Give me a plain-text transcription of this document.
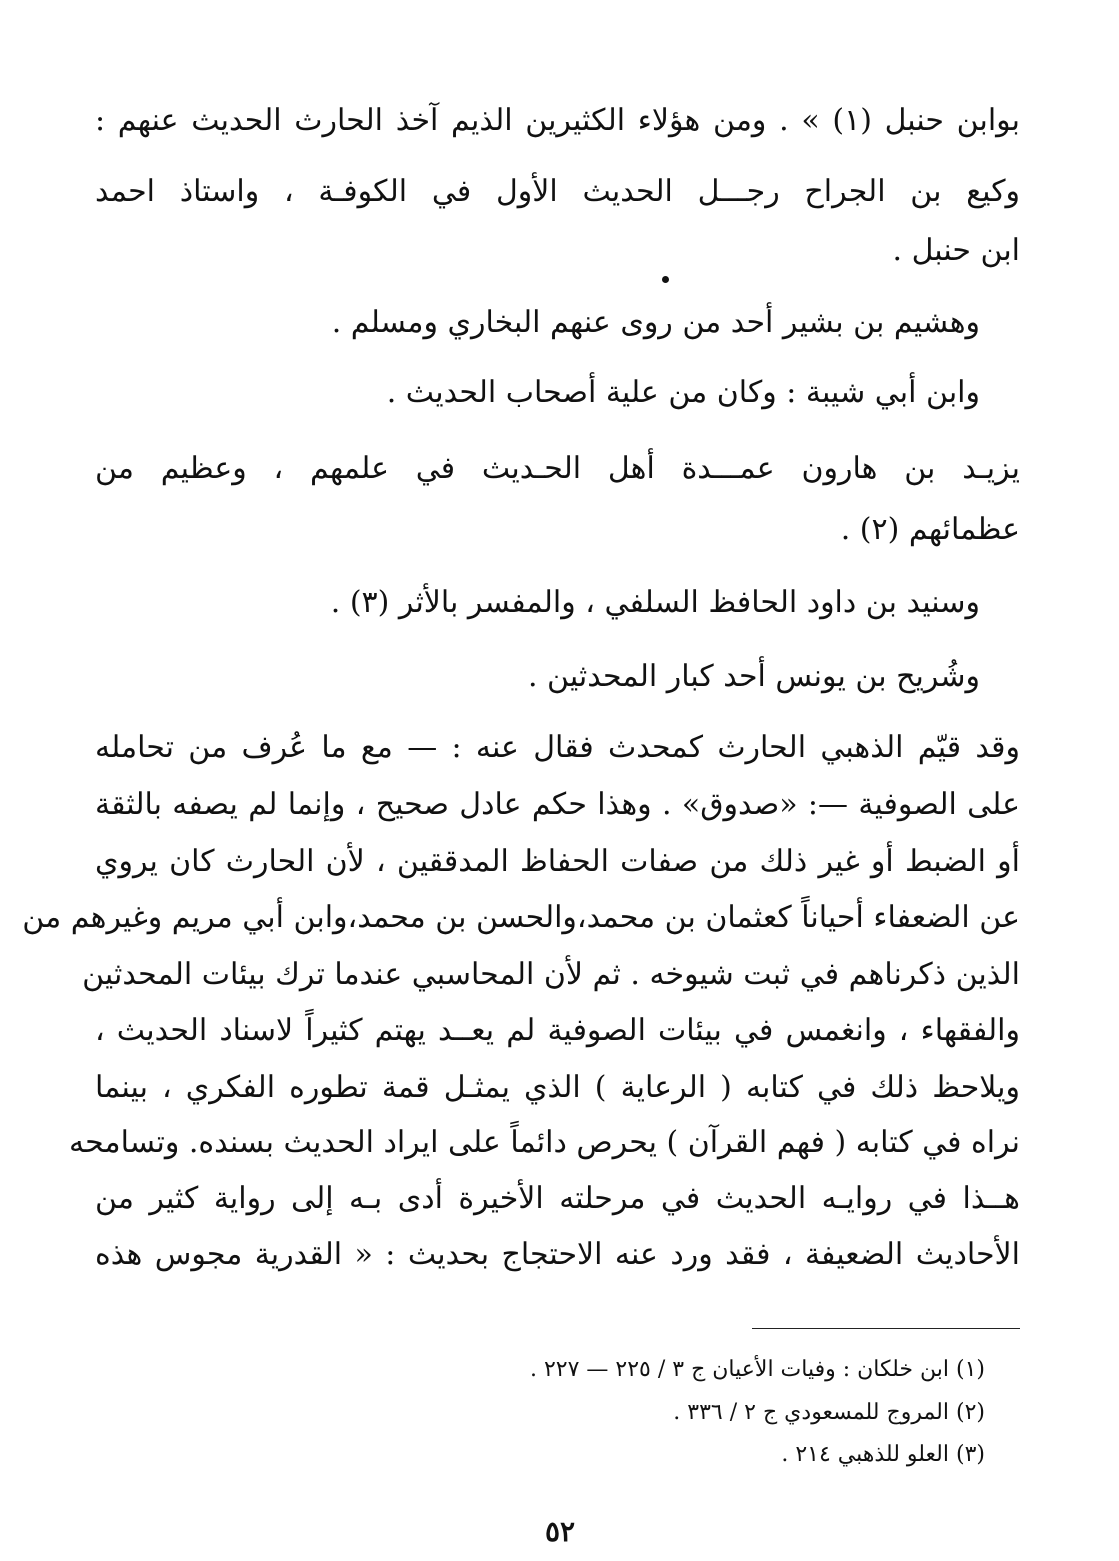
بوابن حنبل (١) » . ومن هؤلاء الكثيرين الذيم آخذ الحارث الحديث عنهم :
وكيع بن الجراح رجـــل الحديث الأول في الكوفـة ، واستاذ احمد
ابن حنبل .
وهشيم بن بشير أحد من روى عنهم البخاري ومسلم .
وابن أبي شيبة : وكان من علية أصحاب الحديث .
يزيـد بن هارون عمـــدة أهل الحـديث في علمهم ، وعظيم من
عظمائهم (٢) .
وسنيد بن داود الحافظ السلفي ، والمفسر بالأثر (٣) .
وشُريح بن يونس أحد كبار المحدثين .
وقد قيّم الذهبي الحارث كمحدث فقال عنه : — مع ما عُرف من تحامله
على الصوفية —: «صدوق» . وهذا حكم عادل صحيح ، وإنما لم يصفه بالثقة
أو الضبط أو غير ذلك من صفات الحفاظ المدققين ، لأن الحارث كان يروي
عن الضعفاء أحياناً كعثمان بن محمد،والحسن بن محمد،وابن أبي مريم وغيرهم من
الذين ذكرناهم في ثبت شيوخه . ثم لأن المحاسبي عندما ترك بيئات المحدثين
والفقهاء ، وانغمس في بيئات الصوفية لم يعــد يهتم كثيراً لاسناد الحديث ،
ويلاحظ ذلك في كتابه ( الرعاية ) الذي يمثـل قمة تطوره الفكري ، بينما
نراه في كتابه ( فهم القرآن ) يحرص دائماً على ايراد الحديث بسنده. وتسامحه
هــذا في روايـه الحديث في مرحلته الأخيرة أدى بـه إلى رواية كثير من
الأحاديث الضعيفة ، فقد ورد عنه الاحتجاج بحديث : « القدرية مجوس هذه
(١) ابن خلكان : وفيات الأعيان ج ٣ / ٢٢٥ — ٢٢٧ .
(٢) المروج للمسعودي ج ٢ / ٣٣٦ .
(٣) العلو للذهبي ٢١٤ .
٥٢
